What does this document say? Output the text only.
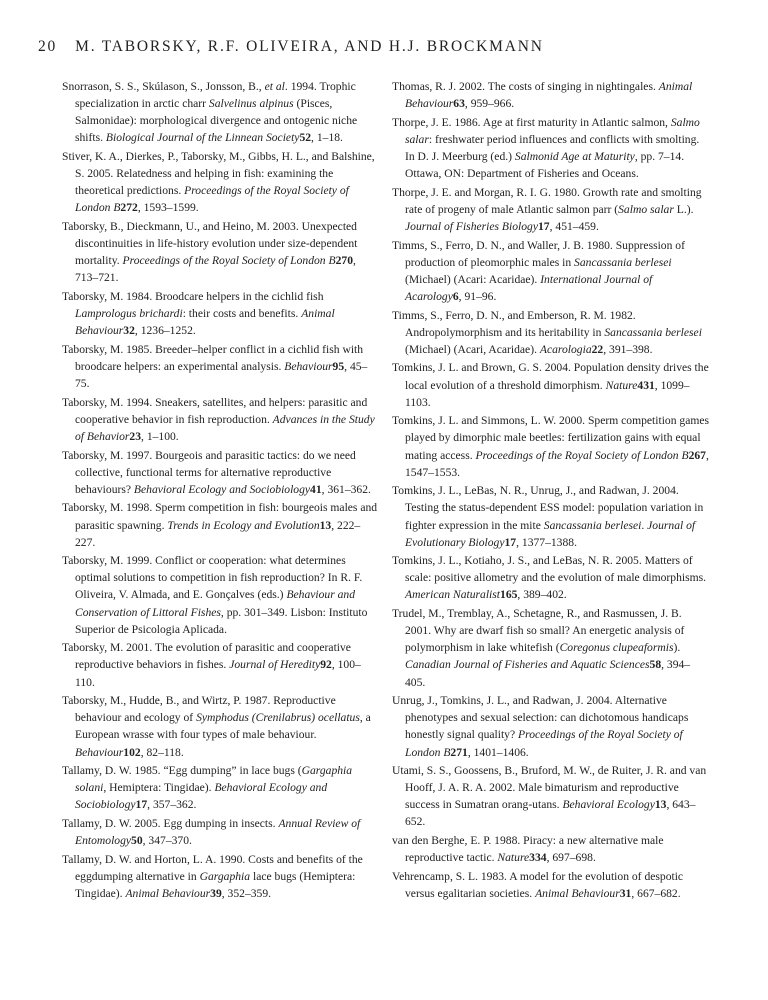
20 M. TABORSKY, R.F. OLIVEIRA, AND H.J. BROCKMANN

Snorrason, S. S., Skúlason, S., Jonsson, B., et al. 1994. Trophic specialization in arctic charr Salvelinus alpinus (Pisces, Salmonidae): morphological divergence and ontogenic niche shifts. Biological Journal of the Linnean Society52, 1–18.

Stiver, K. A., Dierkes, P., Taborsky, M., Gibbs, H. L., and Balshine, S. 2005. Relatedness and helping in fish: examining the theoretical predictions. Proceedings of the Royal Society of London B272, 1593–1599.

Taborsky, B., Dieckmann, U., and Heino, M. 2003. Unexpected discontinuities in life-history evolution under size-dependent mortality. Proceedings of the Royal Society of London B270, 713–721.

Taborsky, M. 1984. Broodcare helpers in the cichlid fish Lamprologus brichardi: their costs and benefits. Animal Behaviour32, 1236–1252.

Taborsky, M. 1985. Breeder–helper conflict in a cichlid fish with broodcare helpers: an experimental analysis. Behaviour95, 45–75.

Taborsky, M. 1994. Sneakers, satellites, and helpers: parasitic and cooperative behavior in fish reproduction. Advances in the Study of Behavior23, 1–100.

Taborsky, M. 1997. Bourgeois and parasitic tactics: do we need collective, functional terms for alternative reproductive behaviours? Behavioral Ecology and Sociobiology41, 361–362.

Taborsky, M. 1998. Sperm competition in fish: bourgeois males and parasitic spawning. Trends in Ecology and Evolution13, 222–227.

Taborsky, M. 1999. Conflict or cooperation: what determines optimal solutions to competition in fish reproduction? In R. F. Oliveira, V. Almada, and E. Gonçalves (eds.) Behaviour and Conservation of Littoral Fishes, pp. 301–349. Lisbon: Instituto Superior de Psicologia Aplicada.

Taborsky, M. 2001. The evolution of parasitic and cooperative reproductive behaviors in fishes. Journal of Heredity92, 100–110.

Taborsky, M., Hudde, B., and Wirtz, P. 1987. Reproductive behaviour and ecology of Symphodus (Crenilabrus) ocellatus, a European wrasse with four types of male behaviour. Behaviour102, 82–118.

Tallamy, D. W. 1985. “Egg dumping” in lace bugs (Gargaphia solani, Hemiptera: Tingidae). Behavioral Ecology and Sociobiology17, 357–362.

Tallamy, D. W. 2005. Egg dumping in insects. Annual Review of Entomology50, 347–370.

Tallamy, D. W. and Horton, L. A. 1990. Costs and benefits of the eggdumping alternative in Gargaphia lace bugs (Hemiptera: Tingidae). Animal Behaviour39, 352–359.

Thomas, R. J. 2002. The costs of singing in nightingales. Animal Behaviour63, 959–966.

Thorpe, J. E. 1986. Age at first maturity in Atlantic salmon, Salmo salar: freshwater period influences and conflicts with smolting. In D. J. Meerburg (ed.) Salmonid Age at Maturity, pp. 7–14. Ottawa, ON: Department of Fisheries and Oceans.

Thorpe, J. E. and Morgan, R. I. G. 1980. Growth rate and smolting rate of progeny of male Atlantic salmon parr (Salmo salar L.). Journal of Fisheries Biology17, 451–459.

Timms, S., Ferro, D. N., and Waller, J. B. 1980. Suppression of production of pleomorphic males in Sancassania berlesei (Michael) (Acari: Acaridae). International Journal of Acarology6, 91–96.

Timms, S., Ferro, D. N., and Emberson, R. M. 1982. Andropolymorphism and its heritability in Sancassania berlesei (Michael) (Acari, Acaridae). Acarologia22, 391–398.

Tomkins, J. L. and Brown, G. S. 2004. Population density drives the local evolution of a threshold dimorphism. Nature431, 1099–1103.

Tomkins, J. L. and Simmons, L. W. 2000. Sperm competition games played by dimorphic male beetles: fertilization gains with equal mating access. Proceedings of the Royal Society of London B267, 1547–1553.

Tomkins, J. L., LeBas, N. R., Unrug, J., and Radwan, J. 2004. Testing the status-dependent ESS model: population variation in fighter expression in the mite Sancassania berlesei. Journal of Evolutionary Biology17, 1377–1388.

Tomkins, J. L., Kotiaho, J. S., and LeBas, N. R. 2005. Matters of scale: positive allometry and the evolution of male dimorphisms. American Naturalist165, 389–402.

Trudel, M., Tremblay, A., Schetagne, R., and Rasmussen, J. B. 2001. Why are dwarf fish so small? An energetic analysis of polymorphism in lake whitefish (Coregonus clupeaformis). Canadian Journal of Fisheries and Aquatic Sciences58, 394–405.

Unrug, J., Tomkins, J. L., and Radwan, J. 2004. Alternative phenotypes and sexual selection: can dichotomous handicaps honestly signal quality? Proceedings of the Royal Society of London B271, 1401–1406.

Utami, S. S., Goossens, B., Bruford, M. W., de Ruiter, J. R. and van Hooff, J. A. R. A. 2002. Male bimaturism and reproductive success in Sumatran orang-utans. Behavioral Ecology13, 643–652.

van den Berghe, E. P. 1988. Piracy: a new alternative male reproductive tactic. Nature334, 697–698.

Vehrencamp, S. L. 1983. A model for the evolution of despotic versus egalitarian societies. Animal Behaviour31, 667–682.
